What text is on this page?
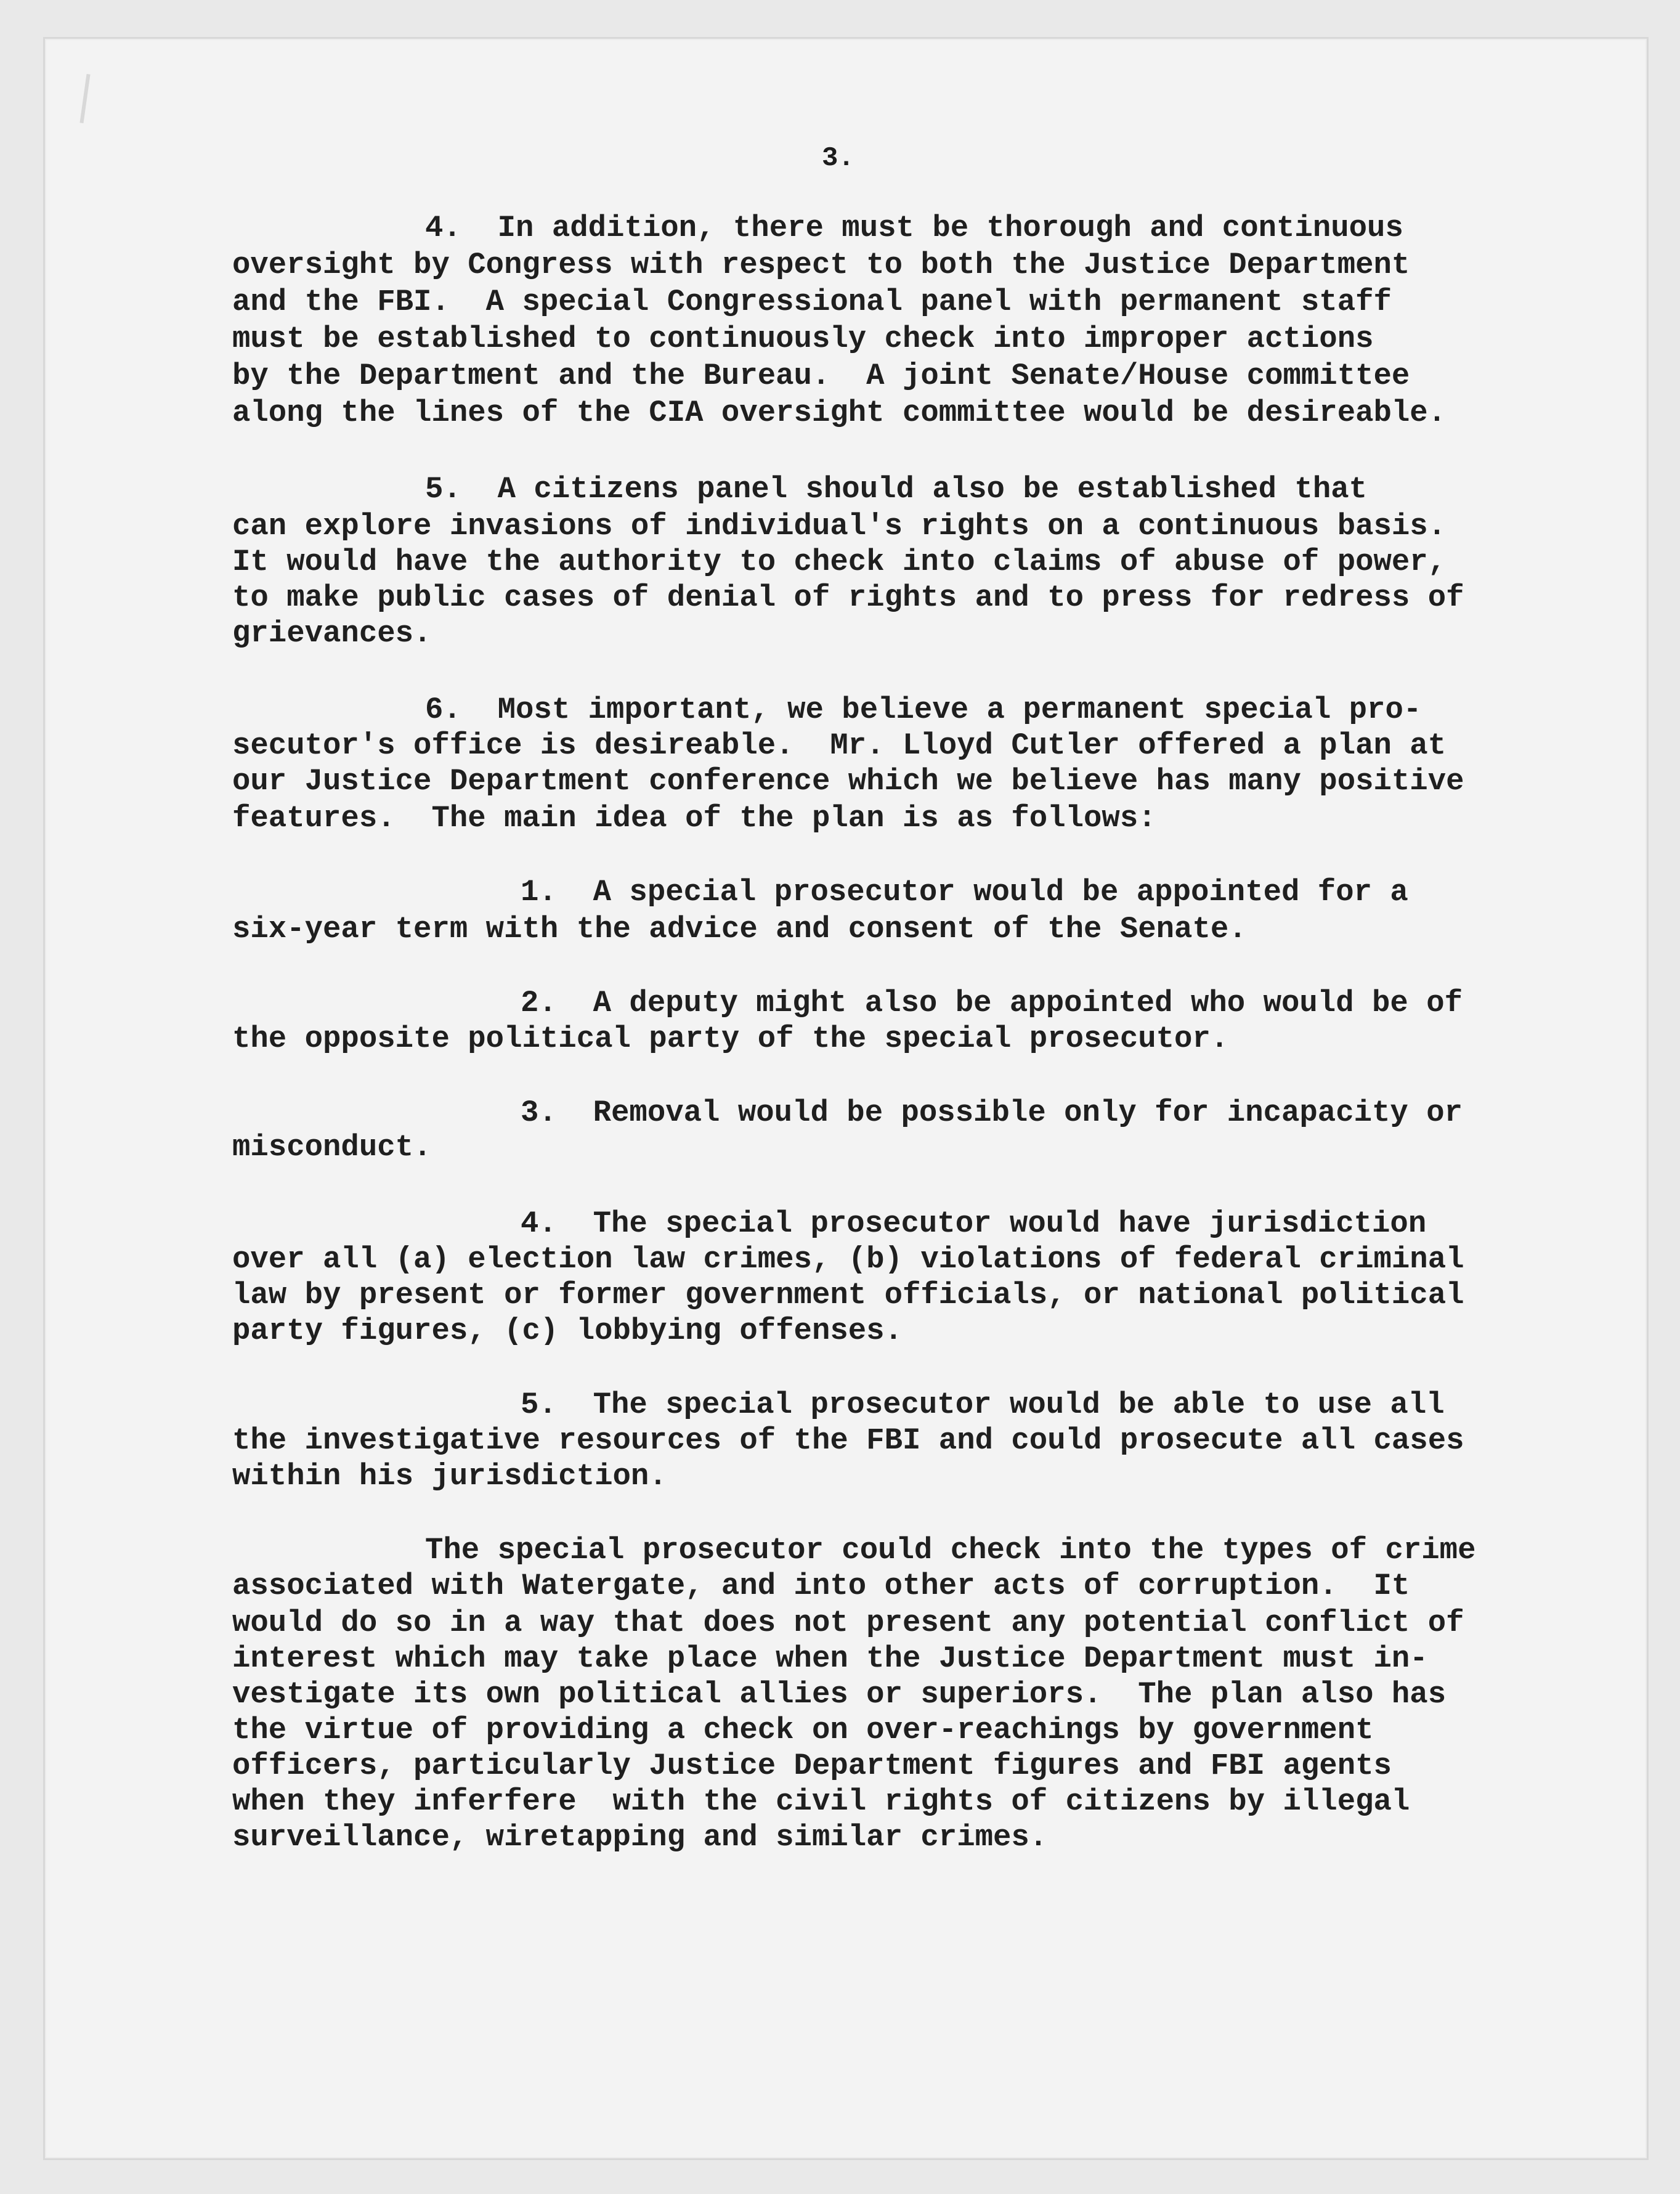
3.
4.  In addition, there must be thorough and continuous
oversight by Congress with respect to both the Justice Department
and the FBI.  A special Congressional panel with permanent staff
must be established to continuously check into improper actions
by the Department and the Bureau.  A joint Senate/House committee
along the lines of the CIA oversight committee would be desireable.
5.  A citizens panel should also be established that
can explore invasions of individual's rights on a continuous basis.
It would have the authority to check into claims of abuse of power,
to make public cases of denial of rights and to press for redress of
grievances.
6.  Most important, we believe a permanent special pro-
secutor's office is desireable.  Mr. Lloyd Cutler offered a plan at
our Justice Department conference which we believe has many positive
features.  The main idea of the plan is as follows:
1.  A special prosecutor would be appointed for a
six-year term with the advice and consent of the Senate.
2.  A deputy might also be appointed who would be of
the opposite political party of the special prosecutor.
3.  Removal would be possible only for incapacity or
misconduct.
4.  The special prosecutor would have jurisdiction
over all (a) election law crimes, (b) violations of federal criminal
law by present or former government officials, or national political
party figures, (c) lobbying offenses.
5.  The special prosecutor would be able to use all
the investigative resources of the FBI and could prosecute all cases
within his jurisdiction.
The special prosecutor could check into the types of crime
associated with Watergate, and into other acts of corruption.  It
would do so in a way that does not present any potential conflict of
interest which may take place when the Justice Department must in-
vestigate its own political allies or superiors.  The plan also has
the virtue of providing a check on over-reachings by government
officers, particularly Justice Department figures and FBI agents
when they inferfere  with the civil rights of citizens by illegal
surveillance, wiretapping and similar crimes.
